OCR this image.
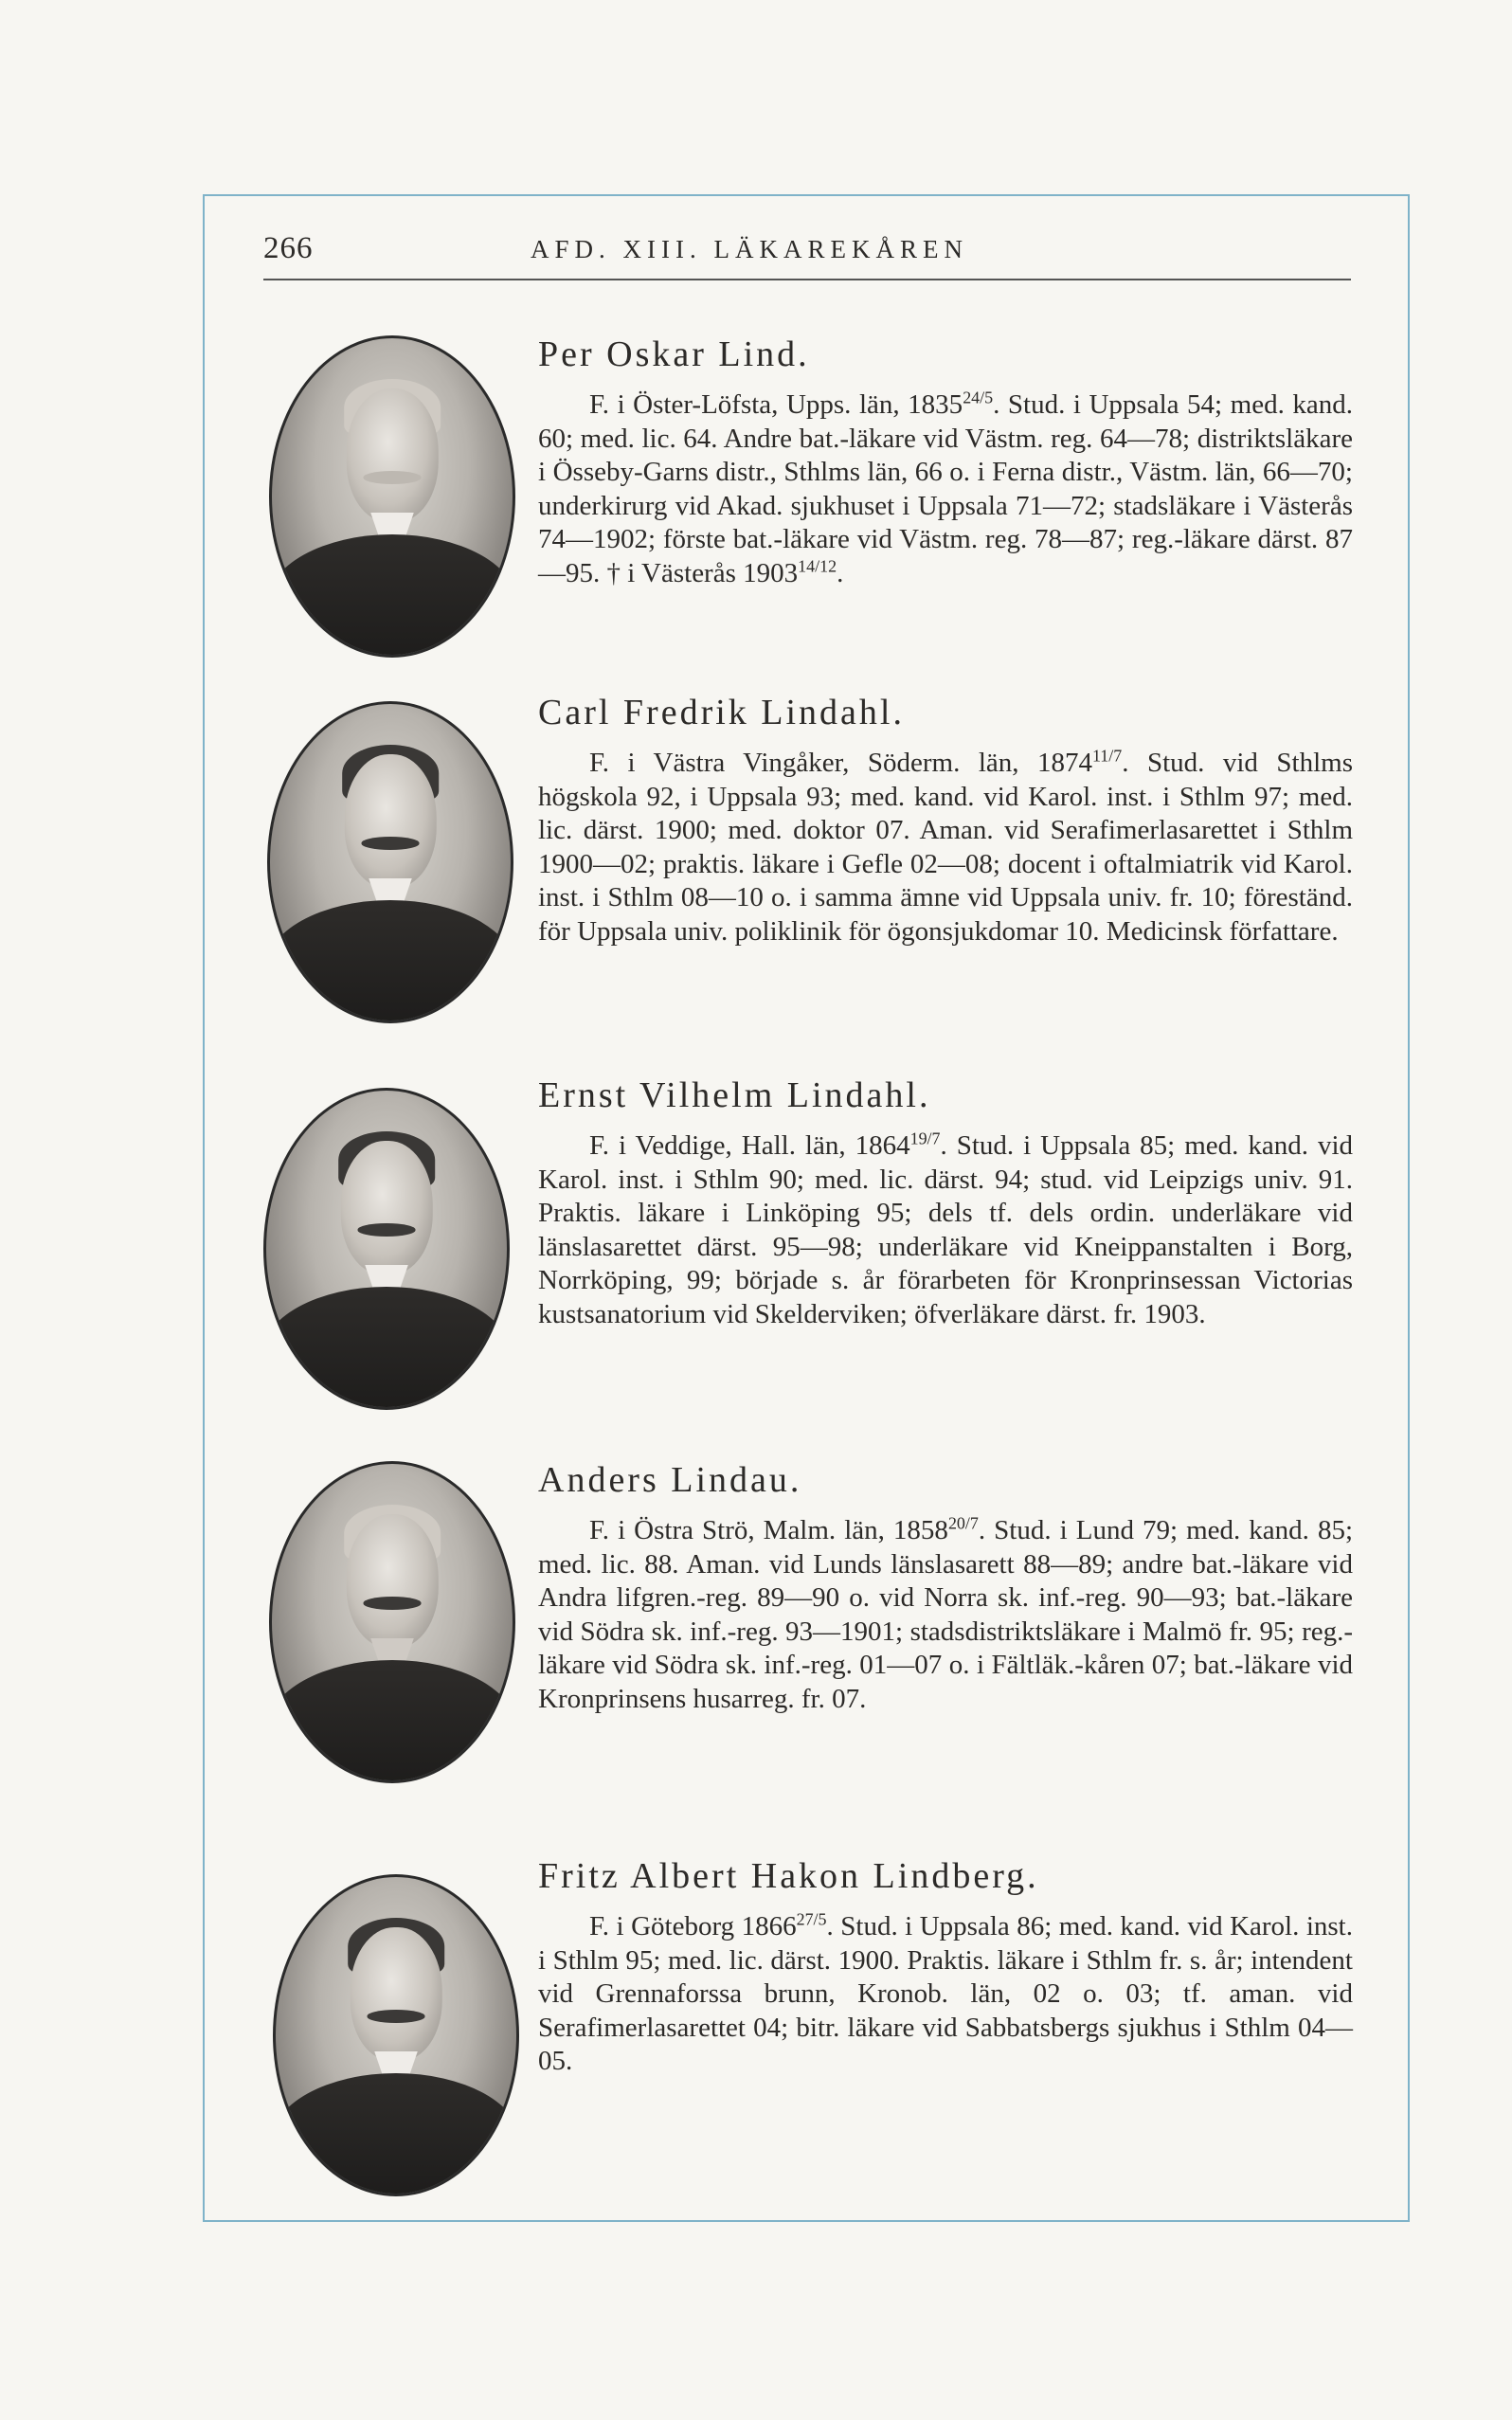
266	AFD. XIII. LÄKAREKÅREN

Per Oskar Lind.

F. i Öster-Löfsta, Upps. län, $1835^{24/5}$. Stud. i Uppsala 54; med. kand. 60; med. lic. 64. Andre bat.-läkare vid Västm. reg. 64—78; distriktsläkare i Össeby-Garns distr., Sthlms län, 66 o. i Ferna distr., Västm. län, 66—70; underkirurg vid Akad. sjukhuset i Uppsala 71—72; stadsläkare i Västerås 74—1902; förste bat.-läkare vid Västm. reg. 78—87; reg.-läkare därst. 87—95. † i Västerås $1903^{14/12}$.

Carl Fredrik Lindahl.

F. i Västra Vingåker, Söderm. län, $1874^{11/7}$. Stud. vid Sthlms högskola 92, i Uppsala 93; med. kand. vid Karol. inst. i Sthlm 97; med. lic. därst. 1900; med. doktor 07. Aman. vid Serafimerlasarettet i Sthlm 1900—02; praktis. läkare i Gefle 02—08; docent i oftalmiatrik vid Karol. inst. i Sthlm 08—10 o. i samma ämne vid Uppsala univ. fr. 10; föreständ. för Uppsala univ. poliklinik för ögonsjukdomar 10. Medicinsk författare.

Ernst Vilhelm Lindahl.

F. i Veddige, Hall. län, $1864^{19/7}$. Stud. i Uppsala 85; med. kand. vid Karol. inst. i Sthlm 90; med. lic. därst. 94; stud. vid Leipzigs univ. 91. Praktis. läkare i Linköping 95; dels tf. dels ordin. underläkare vid länslasarettet därst. 95—98; underläkare vid Kneippanstalten i Borg, Norrköping, 99; började s. år förarbeten för Kronprinsessan Victorias kustsanatorium vid Skelderviken; öfverläkare därst. fr. 1903.

Anders Lindau.

F. i Östra Strö, Malm. län, $1858^{20/7}$. Stud. i Lund 79; med. kand. 85; med. lic. 88. Aman. vid Lunds länslasarett 88—89; andre bat.-läkare vid Andra lifgren.-reg. 89—90 o. vid Norra sk. inf.-reg. 90—93; bat.-läkare vid Södra sk. inf.-reg. 93—1901; stadsdistriktsläkare i Malmö fr. 95; reg.-läkare vid Södra sk. inf.-reg. 01—07 o. i Fältläk.-kåren 07; bat.-läkare vid Kronprinsens husarreg. fr. 07.

Fritz Albert Hakon Lindberg.

F. i Göteborg $1866^{27/5}$. Stud. i Uppsala 86; med. kand. vid Karol. inst. i Sthlm 95; med. lic. därst. 1900. Praktis. läkare i Sthlm fr. s. år; intendent vid Grennaforssa brunn, Kronob. län, 02 o. 03; tf. aman. vid Serafimerlasarettet 04; bitr. läkare vid Sabbatsbergs sjukhus i Sthlm 04—05.
